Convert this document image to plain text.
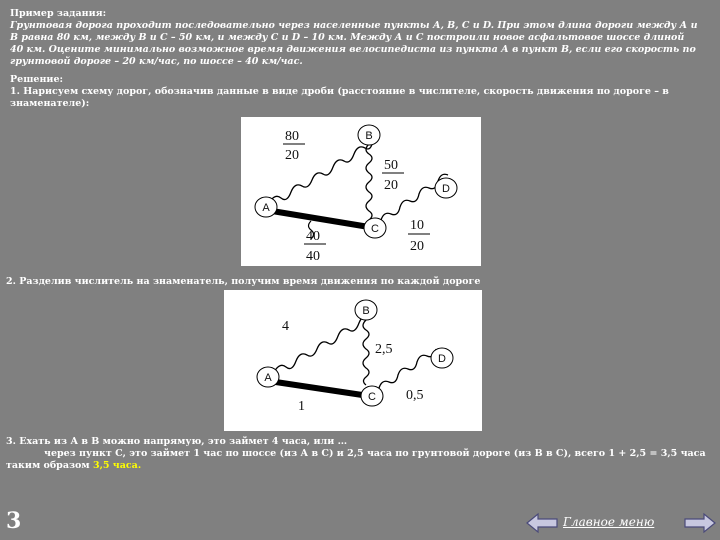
Пример задания:
Грунтовая дорога проходит последовательно через населенные пункты А, В, С и D. При этом длина дороги между А и В равна 80 км, между В и С – 50 км, и между С и D – 10 км. Между А и С построили новое асфальтовое шоссе длиной 40 км. Оцените минимально возможное время движения велосипедиста из пункта А в пункт В, если его скорость по грунтовой дороге – 20 км/час, по шоссе – 40 км/час.
Решение:
1. Нарисуем схему дорог, обозначив данные в виде дроби (расстояние в числителе, скорость движения по дороге – в знаменателе):
B
A
C
D
80
20
50
20
10
20
40
40
2. Разделив числитель на знаменатель, получим время движения по каждой дороге
B
A
C
D
4
2,5
0,5
1
3. Ехать из А в В можно напрямую, это займет 4 часа, или …
через пункт С, это займет 1 час по шоссе (из А в С) и 2,5 часа по грунтовой дороге (из В в С), всего 1 + 2,5 = 3,5 часа
таким образом 3,5 часа.
3	Главное меню
